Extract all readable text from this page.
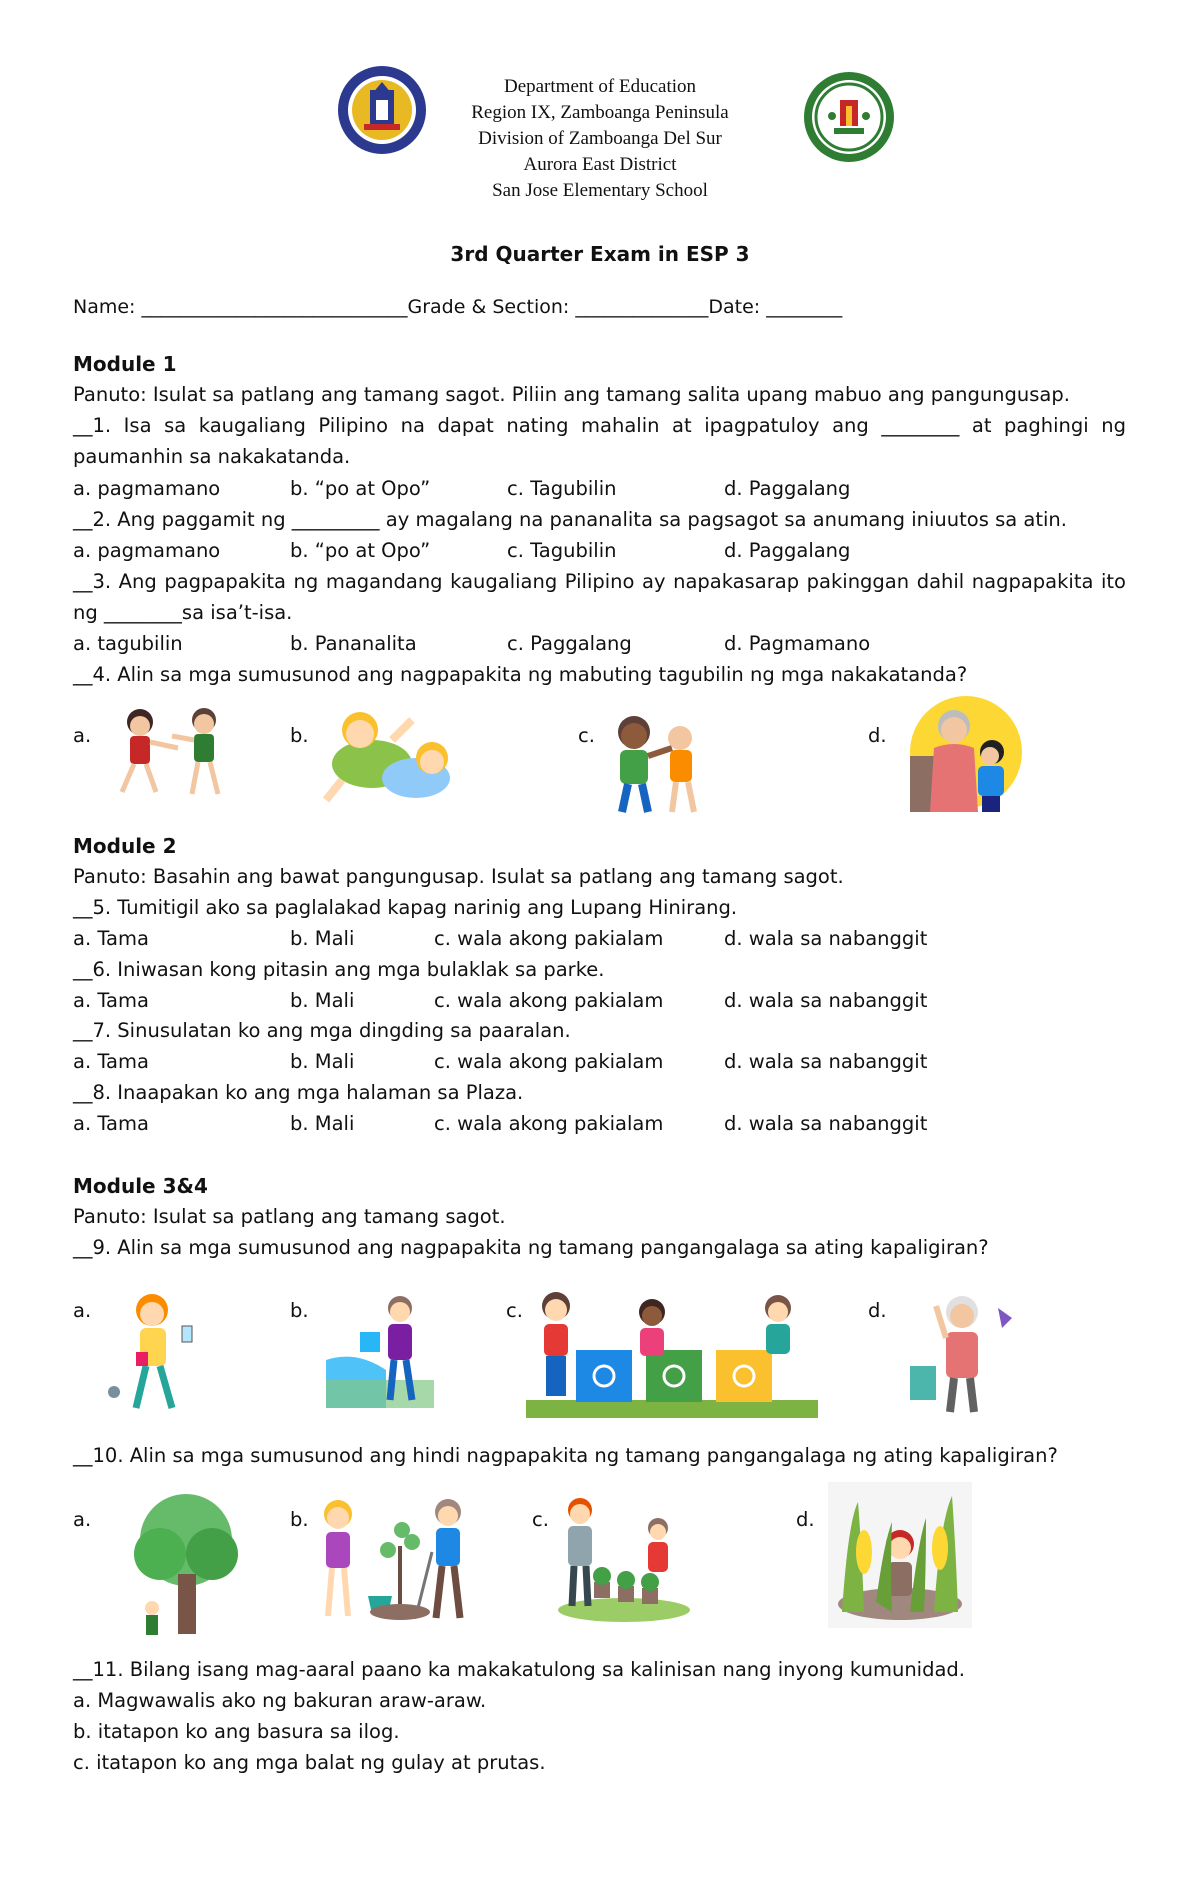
Department of Education
Region IX, Zamboanga Peninsula
Division of Zamboanga Del Sur
Aurora East District
San Jose Elementary School
3rd Quarter Exam in ESP 3
Name: ____________________________Grade & Section: ______________Date: ________
Module 1
Panuto: Isulat sa patlang ang tamang sagot. Piliin ang tamang salita upang mabuo ang pangungusap.
__1. Isa sa kaugaliang Pilipino na dapat nating mahalin at ipagpatuloy ang ________ at paghingi ng
paumanhin sa nakakatanda.
a. pagmamano	b. “po at Opo”	c. Tagubilin	d. Paggalang
__2. Ang paggamit ng _________ ay magalang na pananalita sa pagsagot sa anumang iniuutos sa atin.
a. pagmamano	b. “po at Opo”	c. Tagubilin	d. Paggalang
__3. Ang pagpapakita ng magandang kaugaliang Pilipino ay napakasarap pakinggan dahil nagpapakita ito
ng ________sa isa’t-isa.
a. tagubilin	b. Pananalita	c. Paggalang	d. Pagmamano
__4. Alin sa mga sumusunod ang nagpapakita ng mabuting tagubilin ng mga nakakatanda?
a.	b.	c.	d.
Module 2
Panuto: Basahin ang bawat pangungusap. Isulat sa patlang ang tamang sagot.
__5. Tumitigil ako sa paglalakad kapag narinig ang Lupang Hinirang.
a. Tama	b. Mali	c. wala akong pakialam	d. wala sa nabanggit
__6. Iniwasan kong pitasin ang mga bulaklak sa parke.
a. Tama	b. Mali	c. wala akong pakialam	d. wala sa nabanggit
__7. Sinusulatan ko ang mga dingding sa paaralan.
a. Tama	b. Mali	c. wala akong pakialam	d. wala sa nabanggit
__8. Inaapakan ko ang mga halaman sa Plaza.
a. Tama	b. Mali	c. wala akong pakialam	d. wala sa nabanggit
Module 3&4
Panuto: Isulat sa patlang ang tamang sagot.
__9. Alin sa mga sumusunod ang nagpapakita ng tamang pangangalaga sa ating kapaligiran?
a.	b.	c.	d.
__10. Alin sa mga sumusunod ang hindi nagpapakita ng tamang pangangalaga ng ating kapaligiran?
a.	b.	c.	d.
__11. Bilang isang mag-aaral paano ka makakatulong sa kalinisan nang inyong kumunidad.
a. Magwawalis ako ng bakuran araw-araw.
b. itatapon ko ang basura sa ilog.
c. itatapon ko ang mga balat ng gulay at prutas.
